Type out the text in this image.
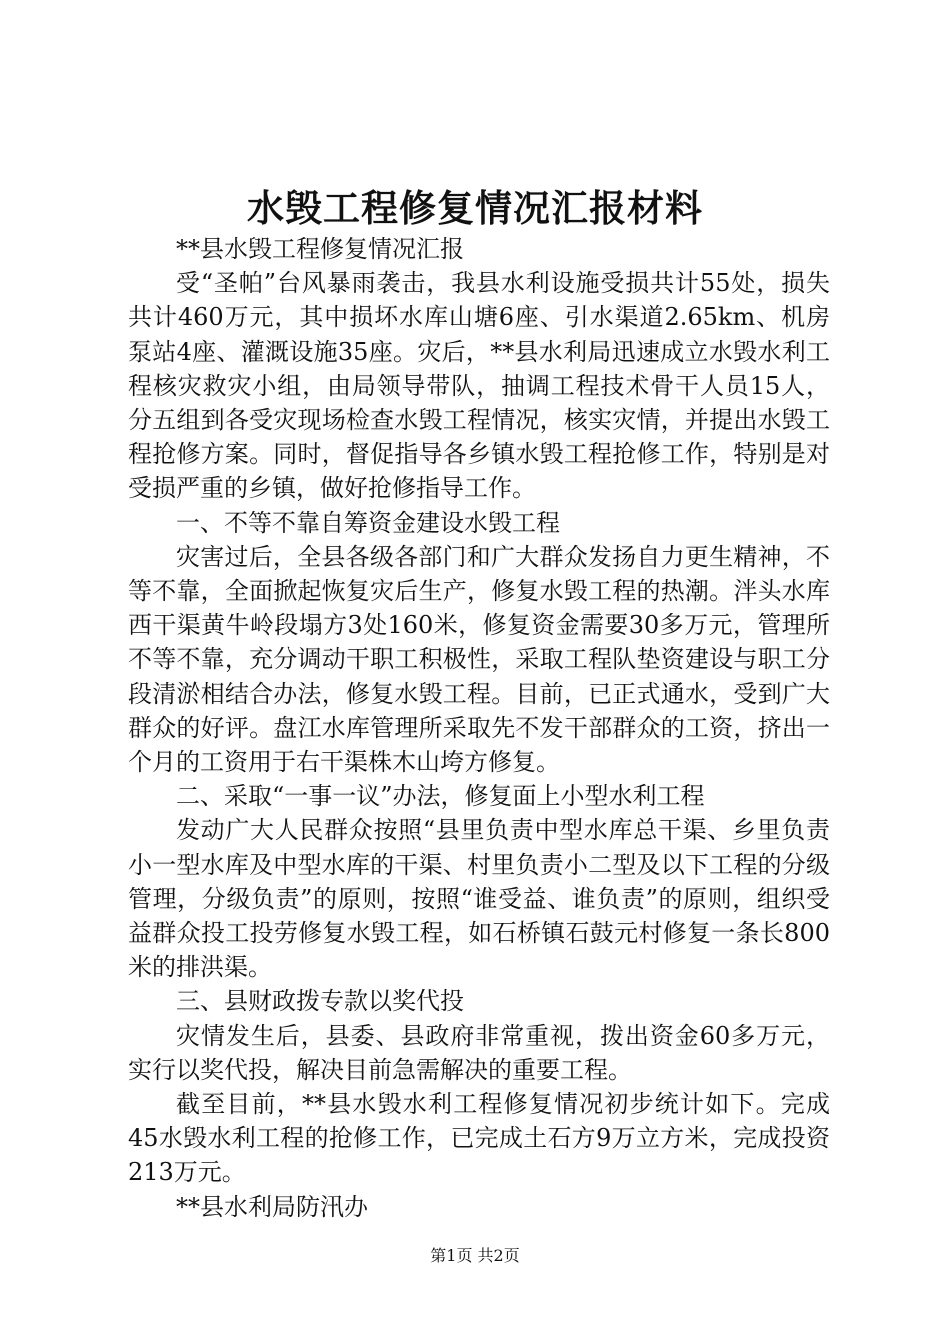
水毁工程修复情况汇报材料

**县水毁工程修复情况汇报

受“圣帕”台风暴雨袭击，我县水利设施受损共计55处，损失共计460万元，其中损坏水库山塘6座、引水渠道2.65km、机房泵站4座、灌溉设施35座。灾后，**县水利局迅速成立水毁水利工程核灾救灾小组，由局领导带队，抽调工程技术骨干人员15人，分五组到各受灾现场检查水毁工程情况，核实灾情，并提出水毁工程抢修方案。同时，督促指导各乡镇水毁工程抢修工作，特别是对受损严重的乡镇，做好抢修指导工作。

一、不等不靠自筹资金建设水毁工程

灾害过后，全县各级各部门和广大群众发扬自力更生精神，不等不靠，全面掀起恢复灾后生产，修复水毁工程的热潮。泮头水库西干渠黄牛岭段塌方3处160米，修复资金需要30多万元，管理所不等不靠，充分调动干职工积极性，采取工程队垫资建设与职工分段清淤相结合办法，修复水毁工程。目前，已正式通水，受到广大群众的好评。盘江水库管理所采取先不发干部群众的工资，挤出一个月的工资用于右干渠株木山垮方修复。

二、采取“一事一议”办法，修复面上小型水利工程

发动广大人民群众按照“县里负责中型水库总干渠、乡里负责小一型水库及中型水库的干渠、村里负责小二型及以下工程的分级管理，分级负责”的原则，按照“谁受益、谁负责”的原则，组织受益群众投工投劳修复水毁工程，如石桥镇石鼓元村修复一条长800米的排洪渠。

三、县财政拨专款以奖代投

灾情发生后，县委、县政府非常重视，拨出资金60多万元，实行以奖代投，解决目前急需解决的重要工程。

截至目前，**县水毁水利工程修复情况初步统计如下。完成45水毁水利工程的抢修工作，已完成土石方9万立方米，完成投资213万元。

**县水利局防汛办

第1页 共2页
